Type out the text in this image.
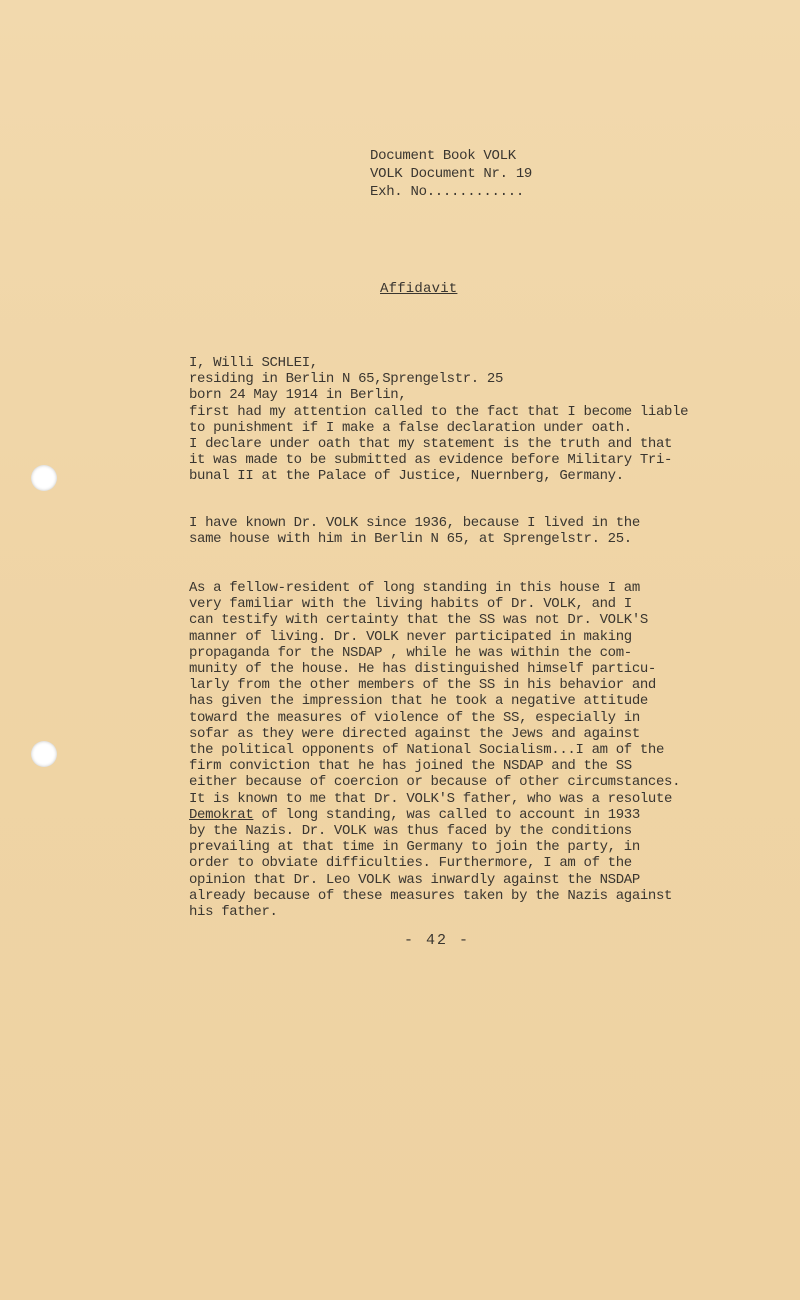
Document Book VOLK
VOLK Document Nr. 19
Exh. No............
Affidavit
I, Willi SCHLEI,
residing in Berlin N 65,Sprengelstr. 25
born 24 May 1914 in Berlin,
first had my attention called to the fact that I become liable
to punishment if I make a false declaration under oath.
I declare under oath that my statement is the truth and that
it was made to be submitted as evidence before Military Tri-
bunal II at the Palace of Justice, Nuernberg, Germany.
I have known Dr. VOLK since 1936, because I lived in the
same house with him in Berlin N 65, at Sprengelstr. 25.
As a fellow-resident of long standing in this house I am
very familiar with the living habits of Dr. VOLK, and I
can testify with certainty that the SS was not Dr. VOLK'S
manner of living. Dr. VOLK never participated in making
propaganda for the NSDAP , while he was within the com-
munity of the house. He has distinguished himself particu-
larly from the other members of the SS in his behavior and
has given the impression that he took a negative attitude
toward the measures of violence of the SS, especially in
sofar as they were directed against the Jews and against
the political opponents of National Socialism...I am of the
firm conviction that he has joined the NSDAP and the SS
either because of coercion or because of other circumstances.
It is known to me that Dr. VOLK'S father, who was a resolute
Demokrat of long standing, was called to account in 1933
by the Nazis. Dr. VOLK was thus faced by the conditions
prevailing at that time in Germany to join the party, in
order to obviate difficulties. Furthermore, I am of the
opinion that Dr. Leo VOLK was inwardly against the NSDAP
already because of these measures taken by the Nazis against
his father.
- 42 -
